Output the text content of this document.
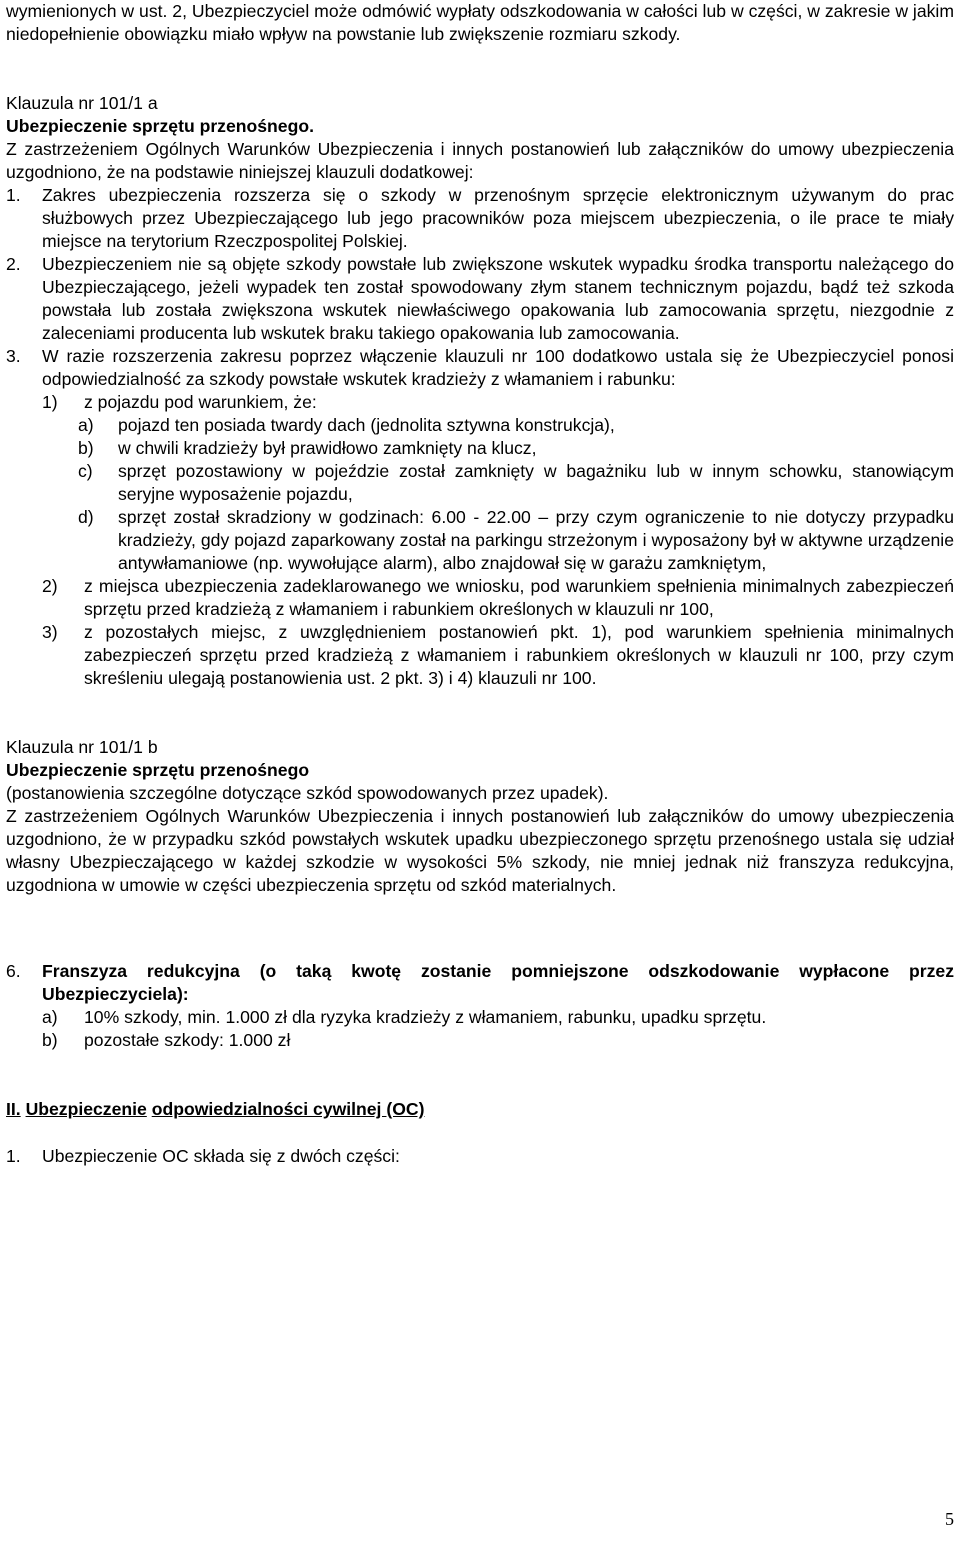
wymienionych w ust. 2, Ubezpieczyciel może odmówić wypłaty odszkodowania w całości lub w części, w zakresie w jakim niedopełnienie obowiązku miało wpływ na powstanie lub zwiększenie rozmiaru szkody.

Klauzula nr 101/1 a

Ubezpieczenie sprzętu przenośnego.

Z zastrzeżeniem Ogólnych Warunków Ubezpieczenia i innych postanowień lub załączników do umowy ubezpieczenia uzgodniono, że na podstawie niniejszej klauzuli dodatkowej:

1.	Zakres ubezpieczenia rozszerza się o szkody w przenośnym sprzęcie elektronicznym używanym do prac służbowych przez Ubezpieczającego lub jego pracowników poza miejscem ubezpieczenia, o ile prace te miały miejsce na terytorium Rzeczpospolitej Polskiej.
2.	Ubezpieczeniem nie są objęte szkody powstałe lub zwiększone wskutek wypadku środka transportu należącego do Ubezpieczającego, jeżeli wypadek ten został spowodowany złym stanem technicznym pojazdu, bądź też szkoda powstała lub została zwiększona wskutek niewłaściwego opakowania lub zamocowania sprzętu, niezgodnie z zaleceniami producenta lub wskutek braku takiego opakowania lub zamocowania.
3.	W razie rozszerzenia zakresu poprzez włączenie klauzuli nr 100 dodatkowo ustala się że Ubezpieczyciel ponosi odpowiedzialność za szkody powstałe wskutek kradzieży z włamaniem i rabunku:
1)	z pojazdu pod warunkiem, że:
a)	pojazd ten posiada twardy dach (jednolita sztywna konstrukcja),
b)	w chwili kradzieży był prawidłowo zamknięty na klucz,
c)	sprzęt pozostawiony w pojeździe został zamknięty w bagażniku lub w innym schowku, stanowiącym seryjne wyposażenie pojazdu,
d)	sprzęt został skradziony w godzinach: 6.00 - 22.00 – przy czym ograniczenie to nie dotyczy przypadku kradzieży, gdy pojazd zaparkowany został na parkingu strzeżonym i wyposażony był w aktywne urządzenie antywłamaniowe (np. wywołujące alarm), albo znajdował się w garażu zamkniętym,
2)	z miejsca ubezpieczenia zadeklarowanego we wniosku, pod warunkiem spełnienia minimalnych zabezpieczeń sprzętu przed kradzieżą z włamaniem i rabunkiem określonych w klauzuli nr 100,
3)	z pozostałych miejsc, z uwzględnieniem postanowień pkt. 1), pod warunkiem spełnienia minimalnych zabezpieczeń sprzętu przed kradzieżą z włamaniem i rabunkiem określonych w klauzuli nr 100, przy czym skreśleniu ulegają postanowienia ust. 2 pkt. 3) i 4) klauzuli nr 100.

Klauzula nr 101/1 b

Ubezpieczenie sprzętu przenośnego

(postanowienia szczególne dotyczące szkód spowodowanych przez upadek).

Z zastrzeżeniem Ogólnych Warunków Ubezpieczenia i innych postanowień lub załączników do umowy ubezpieczenia uzgodniono, że w przypadku szkód powstałych wskutek upadku ubezpieczonego sprzętu przenośnego ustala się udział własny Ubezpieczającego w każdej szkodzie w wysokości 5% szkody, nie mniej jednak niż franszyza redukcyjna, uzgodniona w umowie w części ubezpieczenia sprzętu od szkód materialnych.

6.	Franszyza redukcyjna (o taką kwotę zostanie pomniejszone odszkodowanie wypłacone przez Ubezpieczyciela):
a)	10% szkody, min. 1.000 zł dla ryzyka kradzieży z włamaniem, rabunku, upadku sprzętu.
b)	pozostałe szkody: 1.000 zł

II. Ubezpieczenie odpowiedzialności cywilnej (OC)

1.	Ubezpieczenie OC składa się z dwóch części:
5
